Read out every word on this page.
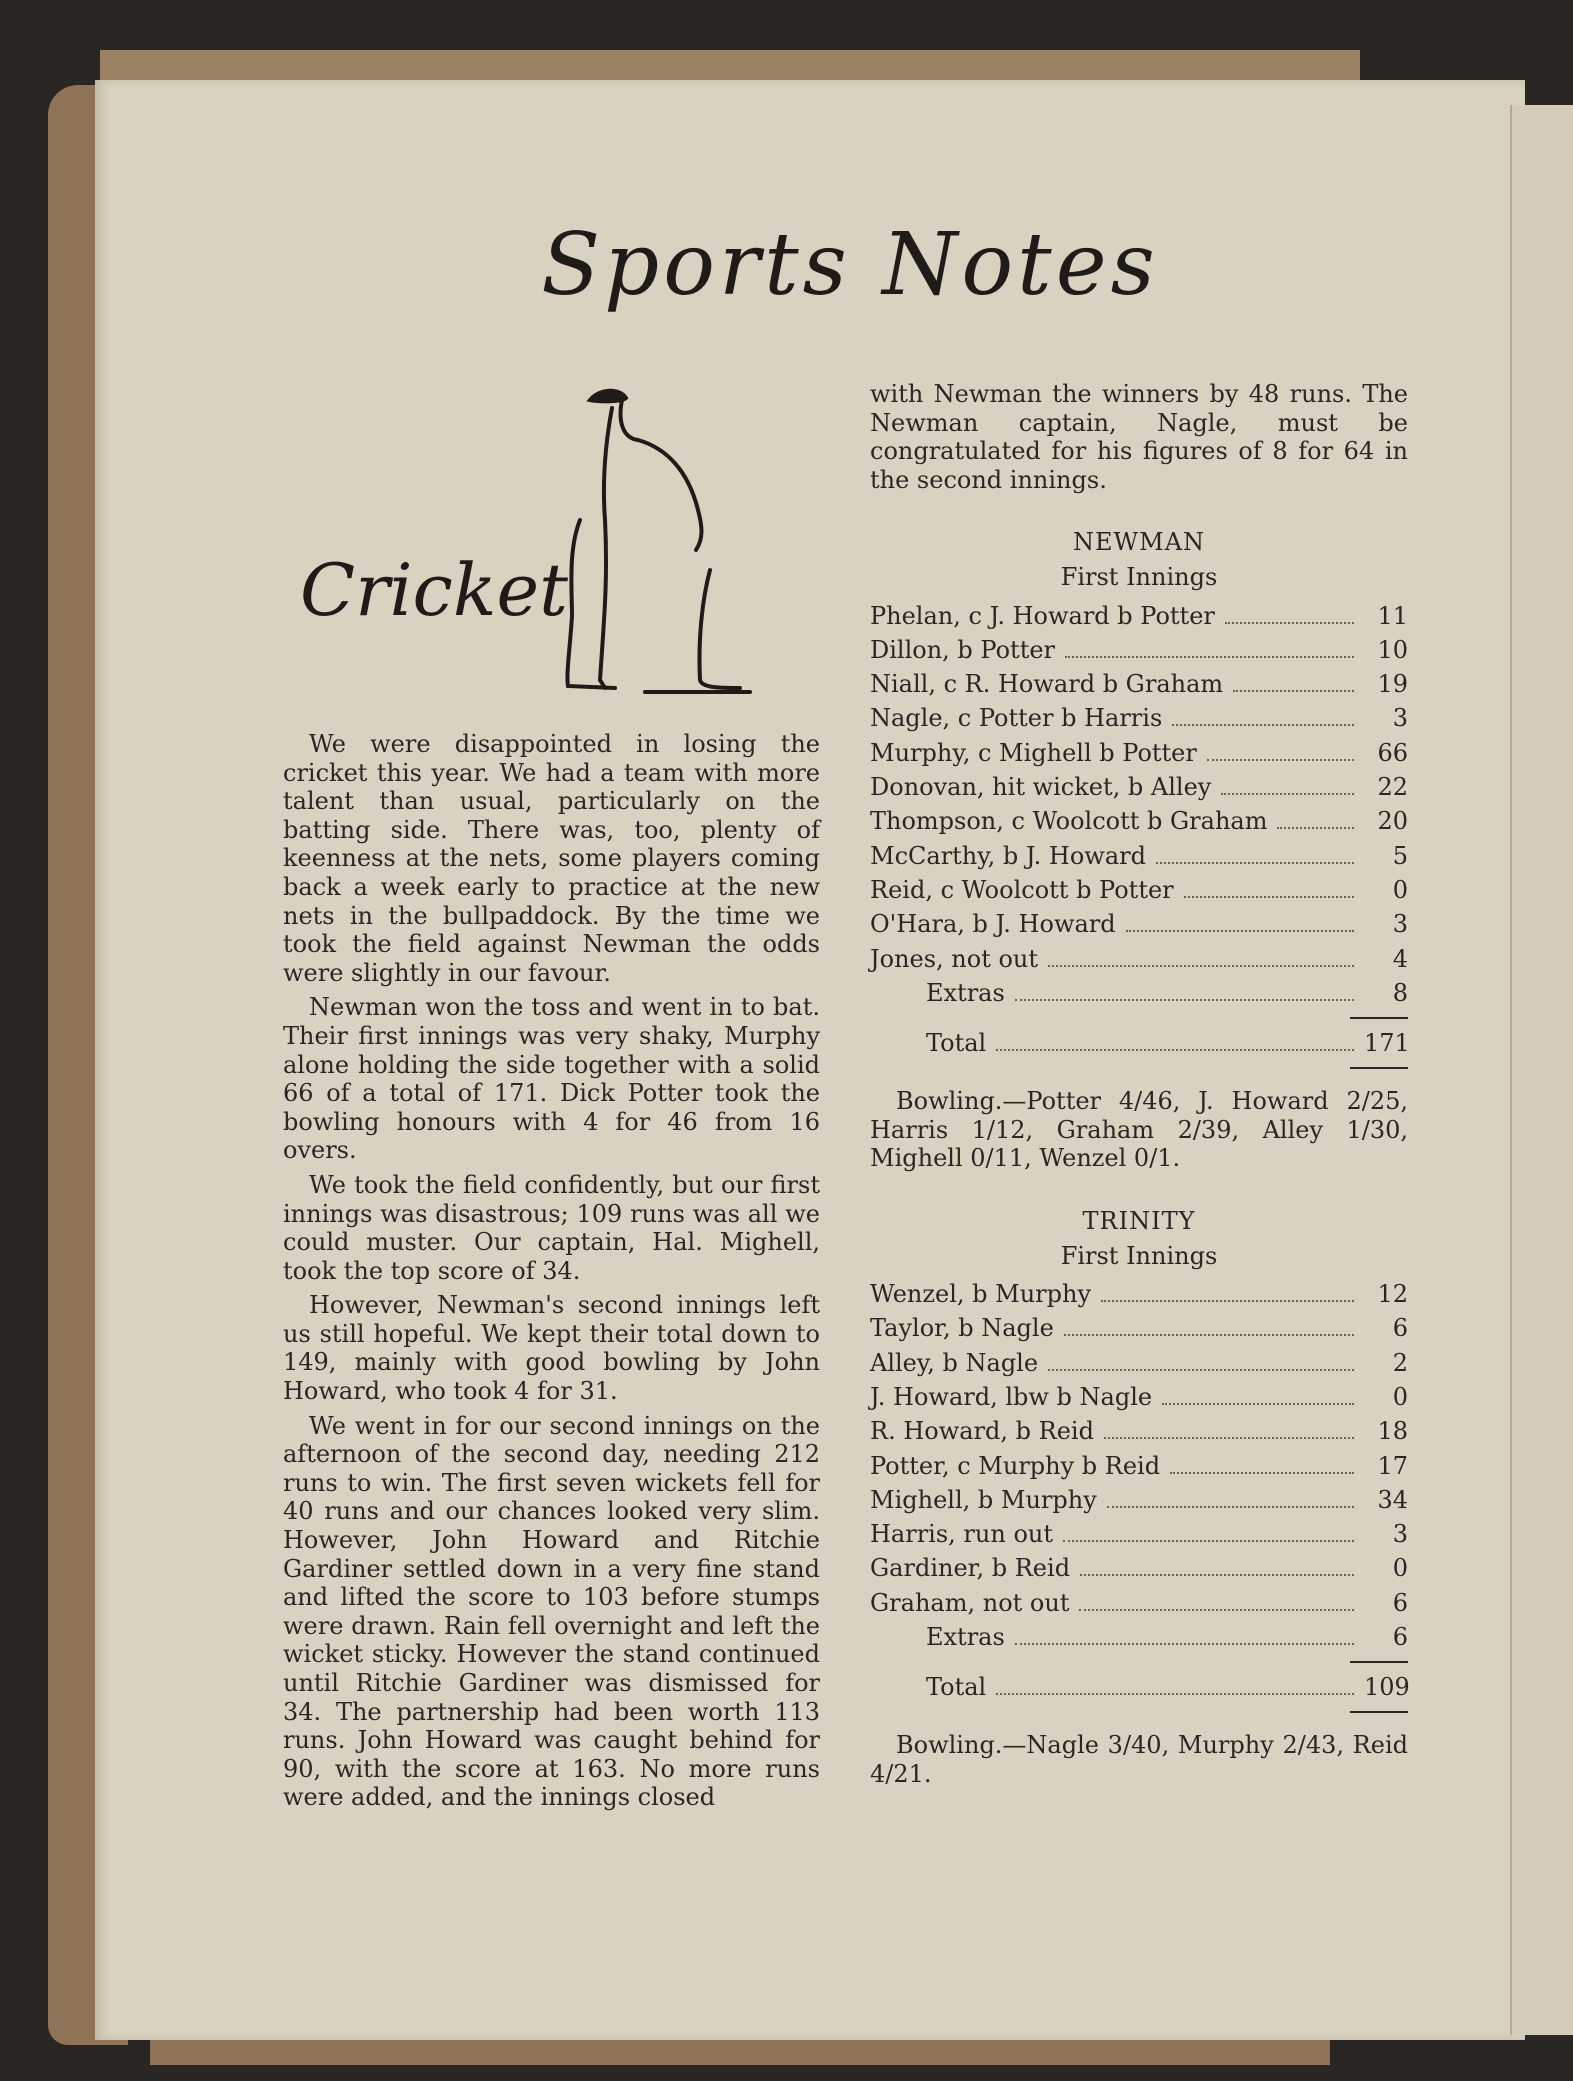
Sports Notes
Cricket

We were disappointed in losing the cricket this year. We had a team with more talent than usual, particularly on the batting side. There was, too, plenty of keenness at the nets, some players coming back a week early to practice at the new nets in the bullpaddock. By the time we took the field against Newman the odds were slightly in our favour.

Newman won the toss and went in to bat. Their first innings was very shaky, Murphy alone holding the side together with a solid 66 of a total of 171. Dick Potter took the bowling honours with 4 for 46 from 16 overs.

We took the field confidently, but our first innings was disastrous; 109 runs was all we could muster. Our captain, Hal. Mighell, took the top score of 34.

However, Newman's second innings left us still hopeful. We kept their total down to 149, mainly with good bowling by John Howard, who took 4 for 31.

We went in for our second innings on the afternoon of the second day, needing 212 runs to win. The first seven wickets fell for 40 runs and our chances looked very slim. However, John Howard and Ritchie Gardiner settled down in a very fine stand and lifted the score to 103 before stumps were drawn. Rain fell overnight and left the wicket sticky. However the stand continued until Ritchie Gardiner was dismissed for 34. The partnership had been worth 113 runs. John Howard was caught behind for 90, with the score at 163. No more runs were added, and the innings closed

with Newman the winners by 48 runs. The Newman captain, Nagle, must be congratulated for his figures of 8 for 64 in the second innings.

NEWMAN
First Innings
Phelan, c J. Howard b Potter	11
Dillon, b Potter	10
Niall, c R. Howard b Graham	19
Nagle, c Potter b Harris	3
Murphy, c Mighell b Potter	66
Donovan, hit wicket, b Alley	22
Thompson, c Woolcott b Graham	20
McCarthy, b J. Howard	5
Reid, c Woolcott b Potter	0
O'Hara, b J. Howard	3
Jones, not out	4
Extras	8
Total	171

Bowling.—Potter 4/46, J. Howard 2/25, Harris 1/12, Graham 2/39, Alley 1/30, Mighell 0/11, Wenzel 0/1.

TRINITY
First Innings
Wenzel, b Murphy	12
Taylor, b Nagle	6
Alley, b Nagle	2
J. Howard, lbw b Nagle	0
R. Howard, b Reid	18
Potter, c Murphy b Reid	17
Mighell, b Murphy	34
Harris, run out	3
Gardiner, b Reid	0
Graham, not out	6
Extras	6
Total	109

Bowling.—Nagle 3/40, Murphy 2/43, Reid 4/21.
